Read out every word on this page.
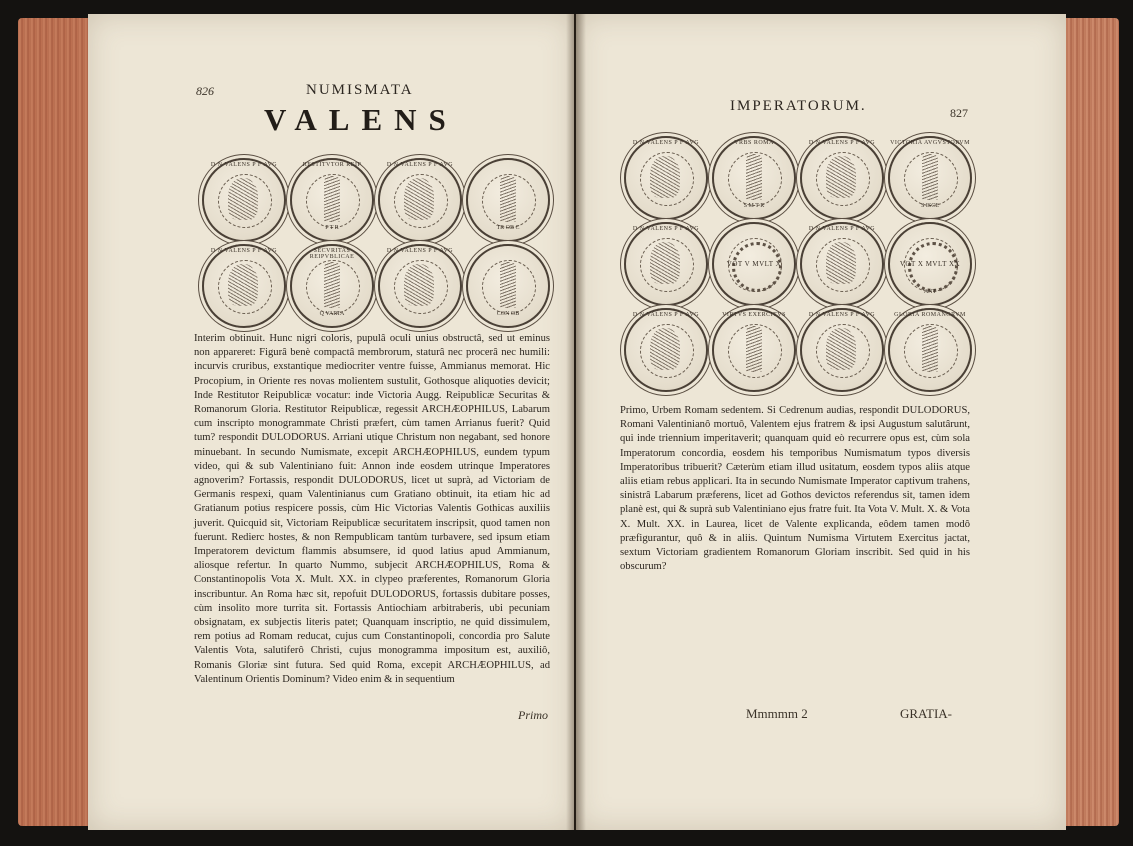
826	NUMISMATA
VALENS
D N VALENS P F AVG	RESTITVTOR REIP
P T R
D N VALENS P F AVG
TR OB C
D N VALENS P F AVG	SECVRITAS REIPVBLICAE
Q VARTA
D N VALENS P F AVG
CON OB

Interim obtinuit. Hunc nigri coloris, pupulâ oculi unius obstructâ, sed ut eminus non appareret: Figurâ benè compactâ membrorum, staturâ nec procerâ nec humili: incurvis cruribus, exstantique mediocriter ventre fuisse, Ammianus memorat. Hic Procopium, in Oriente res novas molientem sustulit, Gothosque aliquoties devicit; Inde Restitutor Reipublicæ vocatur: inde Victoria Augg. Reipublicæ Securitas & Romanorum Gloria. Restitutor Reipublicæ, regessit ARCHÆOPHILUS, Labarum cum inscripto monogrammate Christi præfert, cùm tamen Arrianus fuerit? Quid tum? respondit DULODORUS. Arriani utique Christum non negabant, sed honore minuebant. In secundo Numismate, excepit ARCHÆOPHILUS, eundem typum video, qui & sub Valentiniano fuit: Annon inde eosdem utrinque Imperatores agnoverim? Fortassis, respondit DULODORUS, licet ut suprà, ad Victoriam de Germanis respexi, quam Valentinianus cum Gratiano obtinuit, ita etiam hic ad Gratianum potius respicere possis, cùm Hic Victorias Valentis Gothicas auxiliis juverit. Quicquid sit, Victoriam Reipublicæ securitatem inscripsit, quod tamen non fuerunt. Redierc hostes, & non Rempublicam tantùm turbavere, sed ipsum etiam Imperatorem devictum flammis absumsere, id quod latius apud Ammianum, aliosque refertur. In quarto Nummo, subjecit ARCHÆOPHILUS, Roma & Constantinopolis Vota X. Mult. XX. in clypeo præferentes, Romanorum Gloria inscribuntur. An Roma hæc sit, repofuit DULODORUS, fortassis dubitare posses, cùm insolito more turrita sit. Fortassis Antiochiam arbitraberis, ubi pecuniam obsignatam, ex subjectis literis patet; Quanquam inscriptio, ne quid dissimulem, rem potius ad Romam reducat, cujus cum Constantinopoli, concordia pro Salute Valentis Vota, salutiferô Christi, cujus monogramma impositum est, auxiliô, Romanis Gloriæ sint futura. Sed quid Roma, excepit ARCHÆOPHILUS, ad Valentinum Orientis Dominum? Video enim & in sequentium

Primo
IMPERATORUM.	827
D N VALENS P F AVG	VRBS ROMA
S M T R
D N VALENS P F AVG	VICTORIA AVGVSTORVM
S ISCE
D N VALENS P F AVG
VOT V MVLT X
D N VALENS P F AVG
VOT X MVLT XX
ANT
D N VALENS P F AVG	VIRTVS EXERCITVS	D N VALENS P F AVG	GLORIA ROMANORVM

Primo, Urbem Romam sedentem. Si Cedrenum audias, respondit DULODORUS, Romani Valentinianô mortuô, Valentem ejus fratrem & ipsi Augustum salutârunt, qui inde triennium imperitaverit; quanquam quid eò recurrere opus est, cùm sola Imperatorum concordia, eosdem his temporibus Numismatum typos diversis Imperatoribus tribuerit? Cæterùm etiam illud usitatum, eosdem typos aliis atque aliis etiam rebus applicari. Ita in secundo Numismate Imperator captivum trahens, sinistrâ Labarum præferens, licet ad Gothos devictos referendus sit, tamen idem planè est, qui & suprà sub Valentiniano ejus fratre fuit. Ita Vota V. Mult. X. & Vota X. Mult. XX. in Laurea, licet de Valente explicanda, eôdem tamen modô præfigurantur, quô & in aliis. Quintum Numisma Virtutem Exercitus jactat, sextum Victoriam gradientem Romanorum Gloriam inscribit. Sed quid in his obscurum?

Mmmmm 2	GRATIA-
